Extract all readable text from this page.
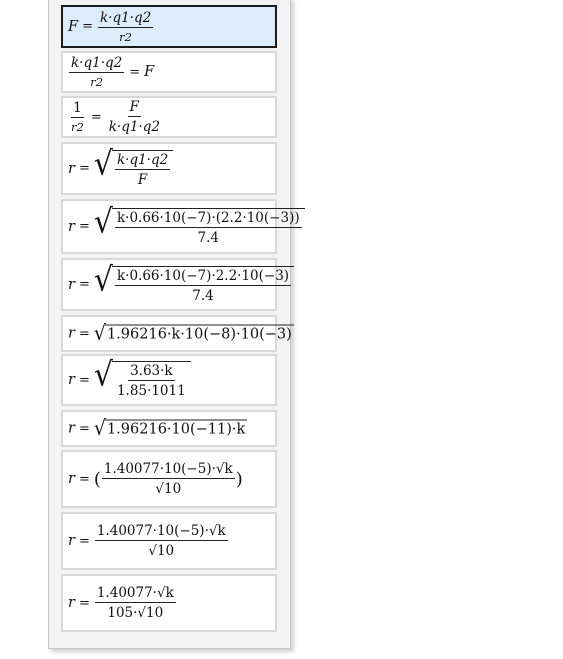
$F = \frac{k\cdot q1\cdot q2}{r2}$
$\frac{k\cdot q1\cdot q2}{r2} = F$
$\frac{1}{r2} = \frac{F}{k\cdot q1\cdot q2}$
r = √ $\frac{k\cdot q1\cdot q2}{F}$
r = √ $\frac{k\cdot 0.66\cdot 10(-7)\cdot(2.2\cdot 10(-3))}{7.4}$
r = √ $\frac{k\cdot 0.66\cdot 10(-7)\cdot 2.2\cdot 10(-3)}{7.4}$
r = √ 1.96216·k·10(−8)·10(−3)
r = √ $\frac{3.63\cdot k}{1.85\cdot 1011}$
r = √ 1.96216·10(−11)·k
r = ( $\frac{1.40077\cdot 10(-5)\cdot√k}{√10}$ )
$r = \frac{1.40077\cdot 10(-5)\cdot√k}{√10}$
$r = \frac{1.40077\cdot√k}{105\cdot√10}$
